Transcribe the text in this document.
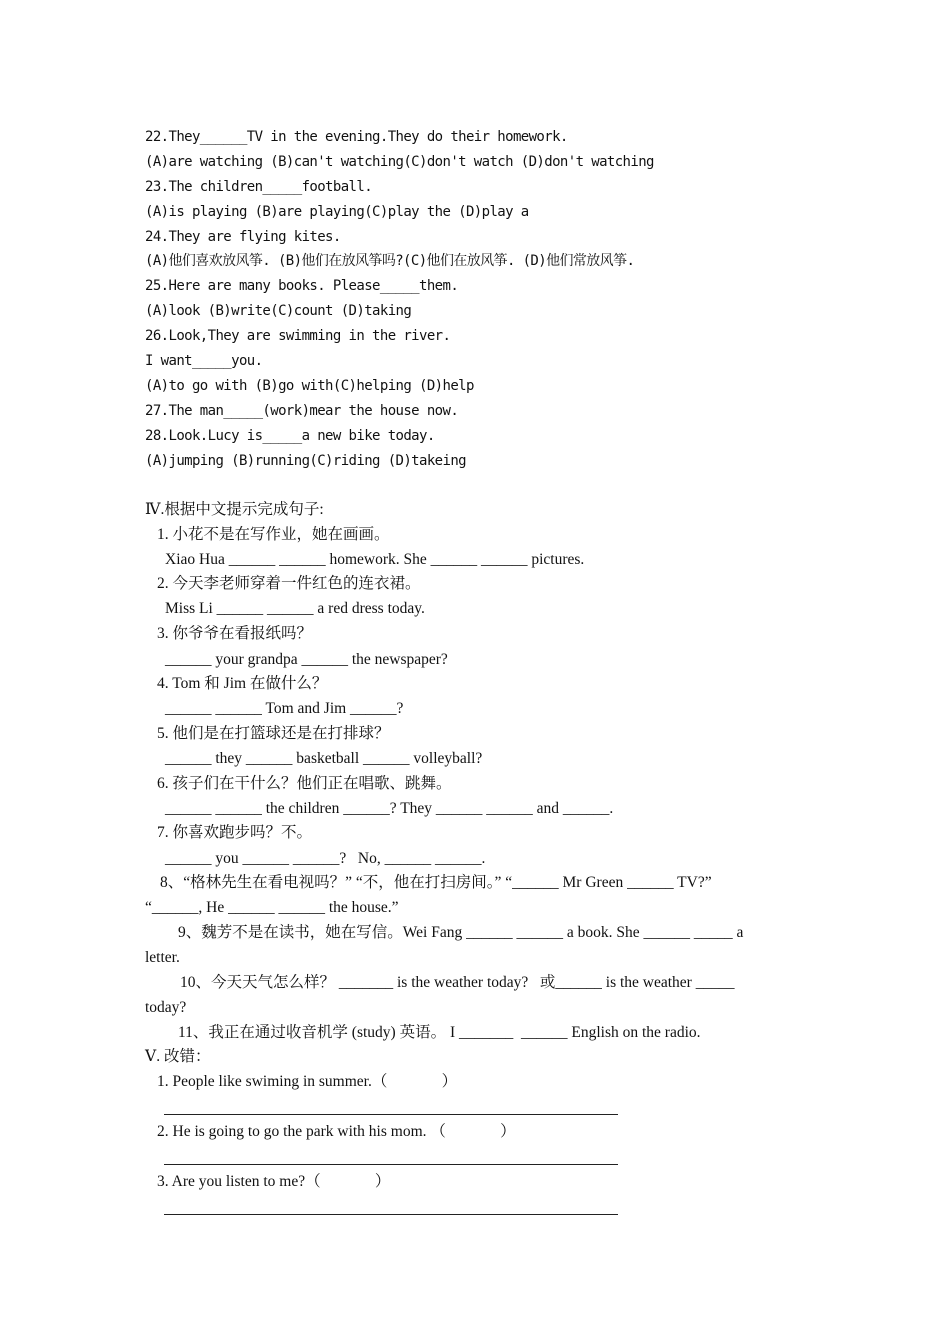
22.They______TV in the evening.They do their homework.
(A)are watching (B)can't watching(C)don't watch (D)don't watching
23.The children_____football.
(A)is playing (B)are playing(C)play the (D)play a
24.They are flying kites.
(A)他们喜欢放风筝. (B)他们在放风筝吗?(C)他们在放风筝. (D)他们常放风筝.
25.Here are many books. Please_____them.
(A)look (B)write(C)count (D)taking
26.Look,They are swimming in the river.
I want_____you.
(A)to go with (B)go with(C)helping (D)help
27.The man_____(work)mear the house now.
28.Look.Lucy is_____a new bike today.
(A)jumping (B)running(C)riding (D)takeing
Ⅳ.根据中文提示完成句子:
1. 小花不是在写作业，她在画画。
Xiao Hua ______ ______ homework. She ______ ______ pictures.
2. 今天李老师穿着一件红色的连衣裙。
Miss Li ______ ______ a red dress today.
3. 你爷爷在看报纸吗？
______ your grandpa ______ the newspaper?
4. Tom 和 Jim 在做什么？
______ ______ Tom and Jim ______?
5. 他们是在打篮球还是在打排球？
______ they ______ basketball ______ volleyball?
6. 孩子们在干什么？他们正在唱歌、跳舞。
______ ______ the children ______? They ______ ______ and ______.
7. 你喜欢跑步吗？不。
______ you ______ ______?   No, ______ ______.
8、“格林先生在看电视吗？” “不，他在打扫房间。” “______ Mr Green ______ TV?”
“______, He ______ ______ the house.”
9、魏芳不是在读书，她在写信。Wei Fang ______ ______ a book. She ______ _____ a
letter.
10、今天天气怎么样？ _______ is the weather today?   或______ is the weather _____
today?
11、我正在通过收音机学 (study) 英语。 I _______  ______ English on the radio.
Ⅴ. 改错：
1. People like swiming in summer.（              ）
2. He is going to go the park with his mom. （              ）
3. Are you listen to me?（              ）
